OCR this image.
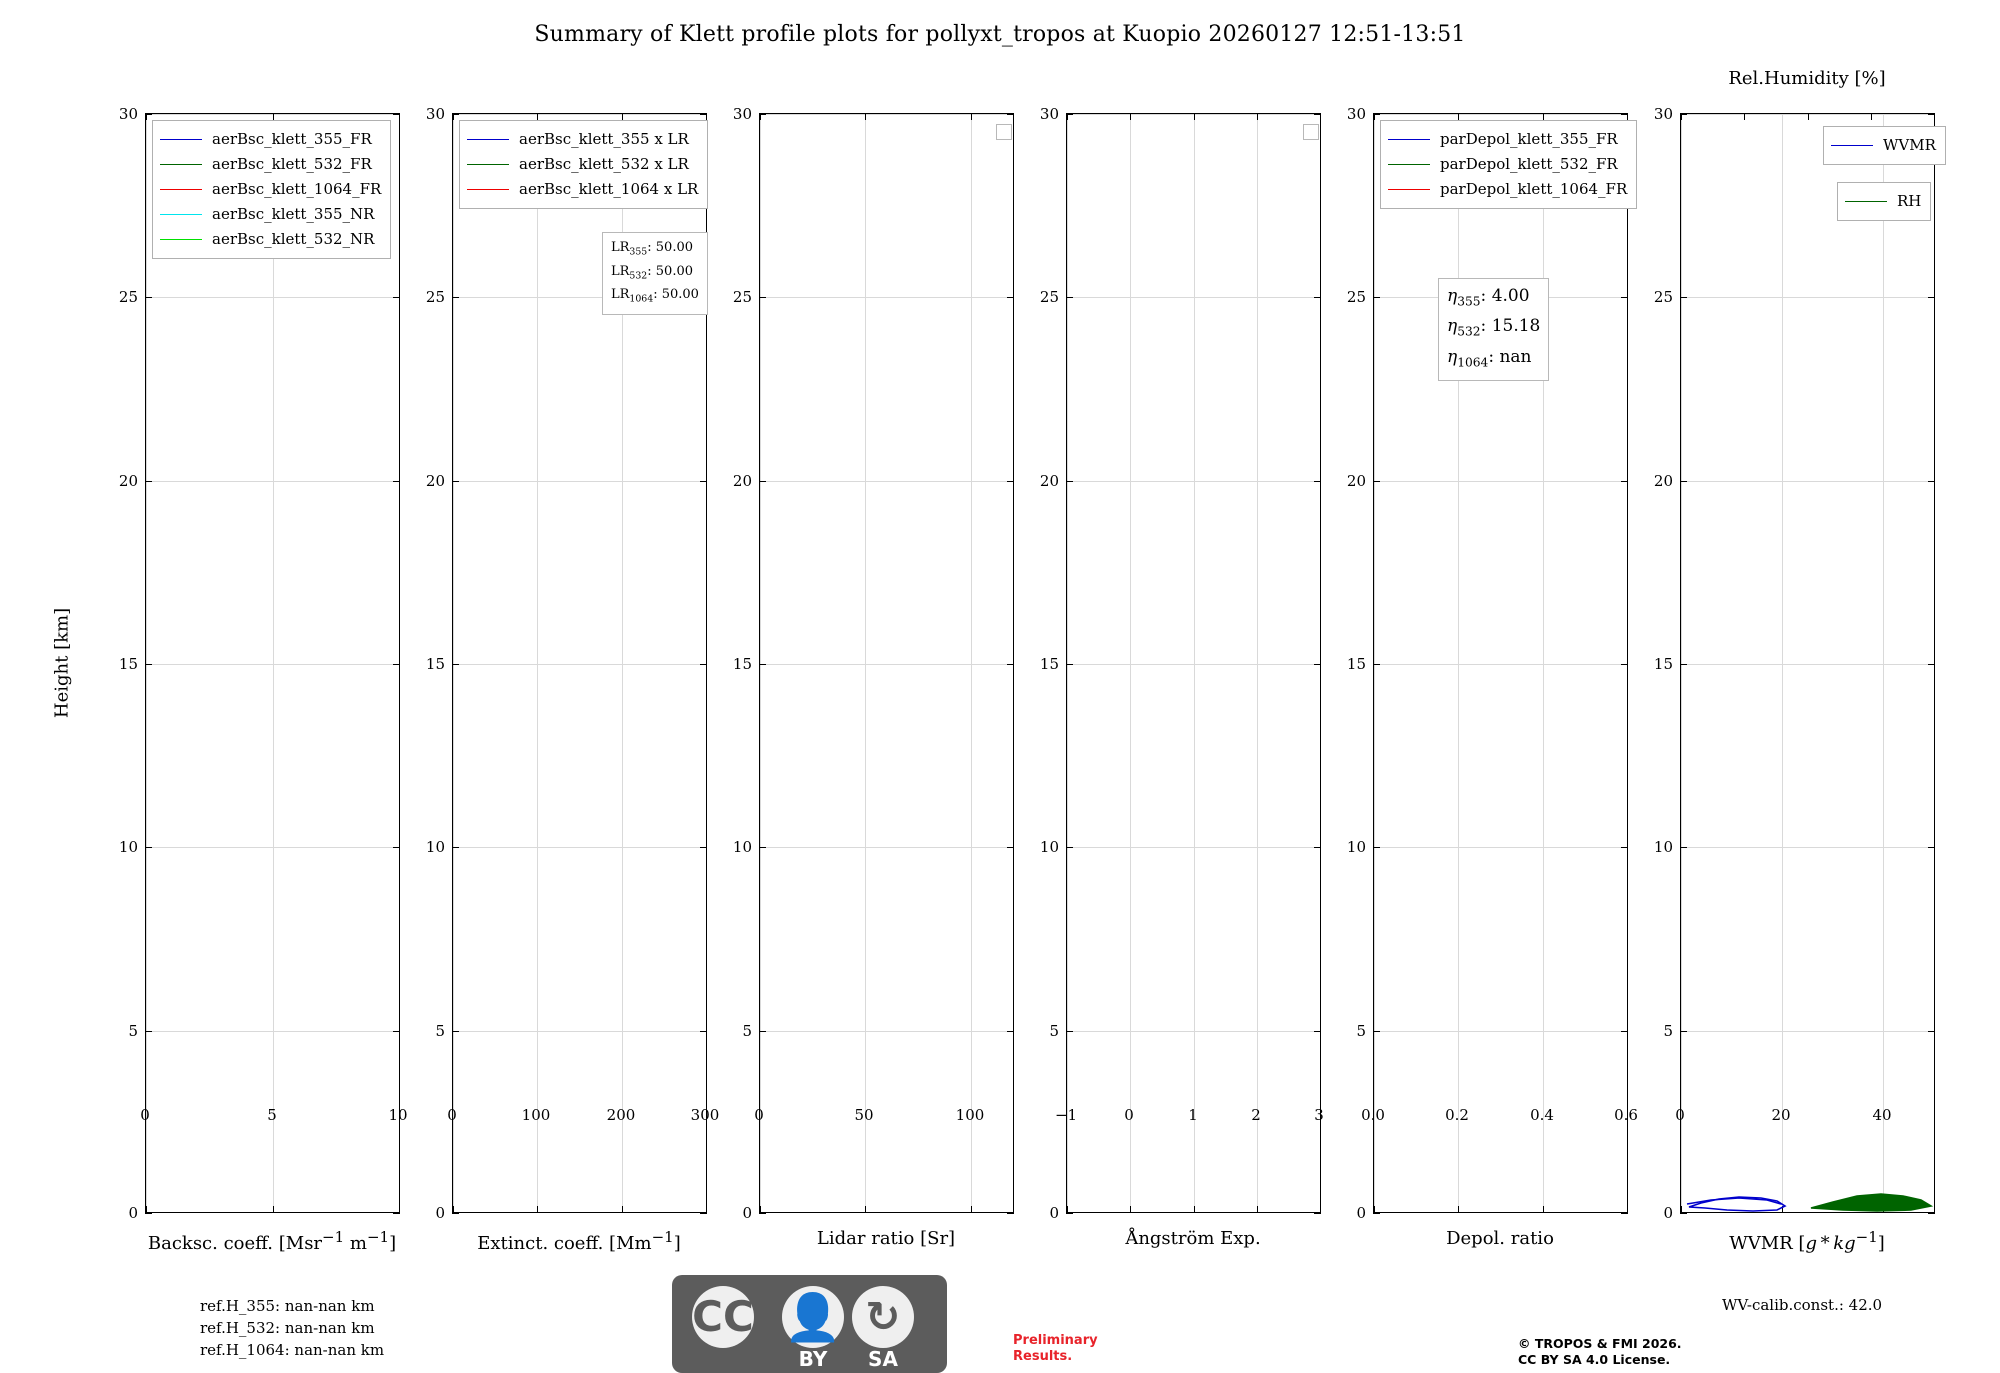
Summary of Klett profile plots for pollyxt_tropos at Kuopio 20260127 12:51-13:51
Height [km]
30
25
20
15
10
5
0
0	5	10
Backsc. coeff. [Msr$^{-1}$ $m^{-1}$]
aerBsc_klett_355_FR
aerBsc_klett_532_FR
aerBsc_klett_1064_FR
aerBsc_klett_355_NR
aerBsc_klett_532_NR
30
25
20
15
10
5
0
0	100	200	300
Extinct. coeff. $[Mm^{-1}]$
aerBsc_klett_355 x LR
aerBsc_klett_532 x LR
aerBsc_klett_1064 x LR
$LR_{355}$: 50.00
$LR_{532}$: 50.00
$LR_{1064}$: 50.00
30
25
20
15
10
5
0
0	50	100
Lidar ratio [Sr]
30
25
20
15
10
5
0
−1	0	1	2	3
Ångström Exp.
30
25
20
15
10
5
0
0.0	0.2	0.4	0.6
Depol. ratio
parDepol_klett_355_FR
parDepol_klett_532_FR
parDepol_klett_1064_FR
$\eta_{355}$: 4.00
$\eta_{532}$: 15.18
$\eta_{1064}$: nan
30
25
20
15
10
5
0
0	20	40
WVMR $[g * kg^{-1}]$
Rel.Humidity [%]
WVMR
RH
WV-calib.const.: 42.0
ref.H_355: nan-nan km
ref.H_532: nan-nan km
ref.H_1064: nan-nan km
Preliminary
Results.
© TROPOS & FMI 2026.
CC BY SA 4.0 License.
CC 👤 ↻
BY	SA
